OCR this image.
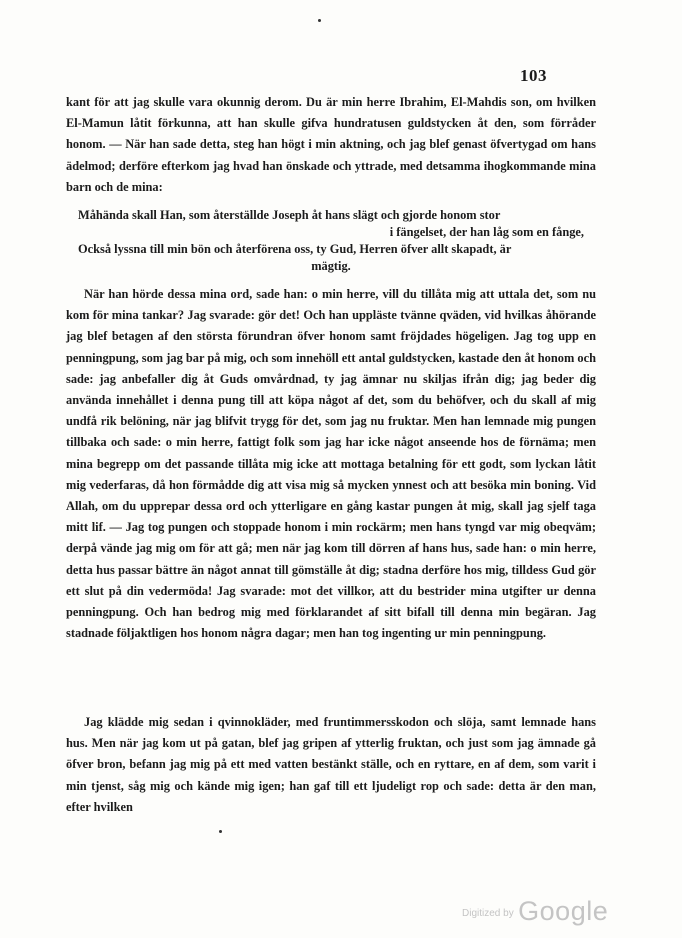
103

kant för att jag skulle vara okunnig derom. Du är min herre Ibrahim, El-Mahdis son, om hvilken El-Mamun låtit förkunna, att han skulle gifva hundratusen guldstycken åt den, som förråder honom. — När han sade detta, steg han högt i min aktning, och jag blef genast öfvertygad om hans ädelmod; derföre efterkom jag hvad han önskade och yttrade, med detsamma ihogkommande mina barn och de mina:

Måhända skall Han, som återställde Joseph åt hans slägt och gjorde honom stor
i fängelset, der han låg som en fånge,
Också lyssna till min bön och återförena oss, ty Gud, Herren öfver allt skapadt, är
mägtig.

När han hörde dessa mina ord, sade han: o min herre, vill du tillåta mig att uttala det, som nu kom för mina tankar? Jag svarade: gör det! Och han uppläste tvänne qväden, vid hvilkas åhörande jag blef betagen af den största förundran öfver honom samt fröjdades högeligen. Jag tog upp en penningpung, som jag bar på mig, och som innehöll ett antal guldstycken, kastade den åt honom och sade: jag anbefaller dig åt Guds omvårdnad, ty jag ämnar nu skiljas ifrån dig; jag beder dig använda innehållet i denna pung till att köpa något af det, som du behöfver, och du skall af mig undfå rik belöning, när jag blifvit trygg för det, som jag nu fruktar. Men han lemnade mig pungen tillbaka och sade: o min herre, fattigt folk som jag har icke något anseende hos de förnäma; men mina begrepp om det passande tillåta mig icke att mottaga betalning för ett godt, som lyckan låtit mig vederfaras, då hon förmådde dig att visa mig så mycken ynnest och att besöka min boning. Vid Allah, om du upprepar dessa ord och ytterligare en gång kastar pungen åt mig, skall jag sjelf taga mitt lif. — Jag tog pungen och stoppade honom i min rockärm; men hans tyngd var mig obeqväm; derpå vände jag mig om för att gå; men när jag kom till dörren af hans hus, sade han: o min herre, detta hus passar bättre än något annat till gömställe åt dig; stadna derföre hos mig, tilldess Gud gör ett slut på din vedermöda! Jag svarade: mot det villkor, att du bestrider mina utgifter ur denna penningpung. Och han bedrog mig med förklarandet af sitt bifall till denna min begäran. Jag stadnade följaktligen hos honom några dagar; men han tog ingenting ur min penningpung.

Jag klädde mig sedan i qvinnokläder, med fruntimmersskodon och slöja, samt lemnade hans hus. Men när jag kom ut på gatan, blef jag gripen af ytterlig fruktan, och just som jag ämnade gå öfver bron, befann jag mig på ett med vatten bestänkt ställe, och en ryttare, en af dem, som varit i min tjenst, såg mig och kände mig igen; han gaf till ett ljudeligt rop och sade: detta är den man, efter hvilken

$^{Digitized by}$ Google
